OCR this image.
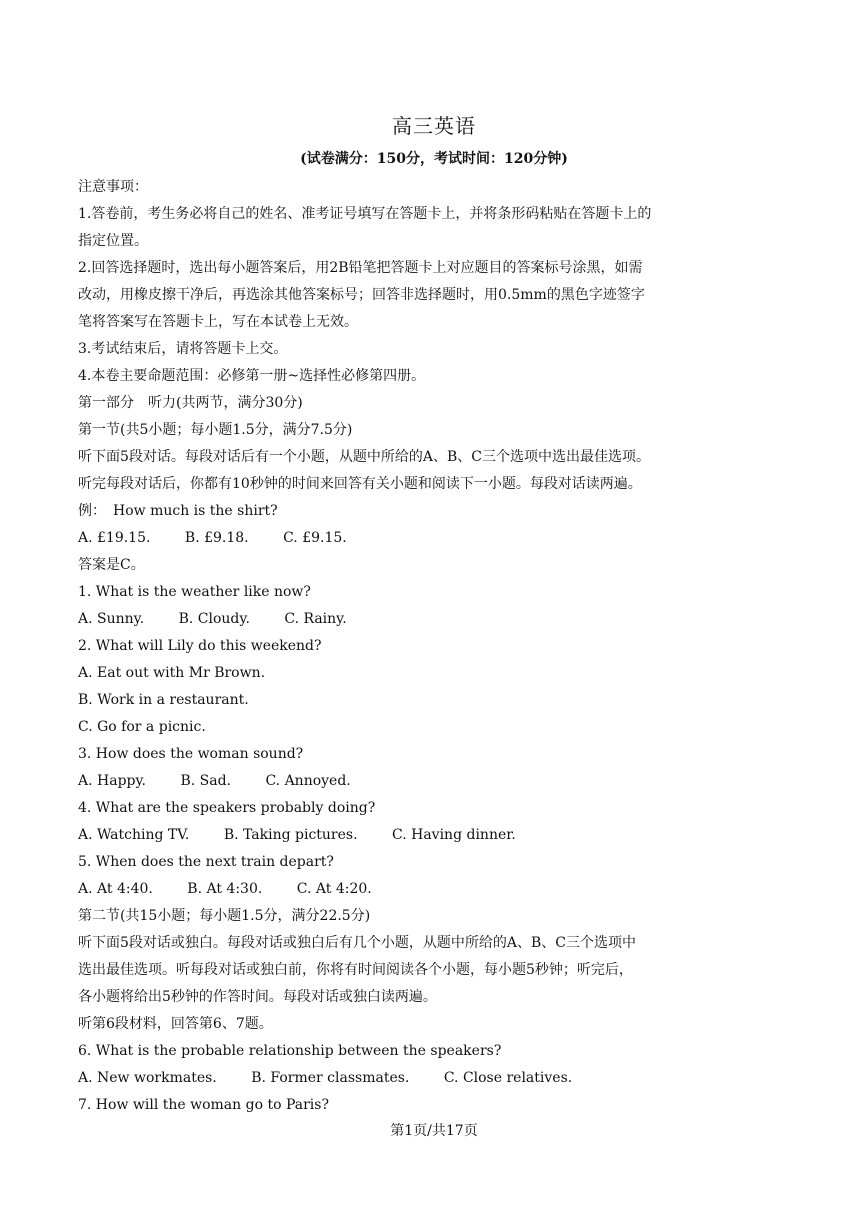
高三英语
(试卷满分：150分，考试时间：120分钟)
注意事项：
1.答卷前，考生务必将自己的姓名、准考证号填写在答题卡上，并将条形码粘贴在答题卡上的
指定位置。
2.回答选择题时，选出每小题答案后，用2B铅笔把答题卡上对应题目的答案标号涂黑，如需
改动，用橡皮擦干净后，再选涂其他答案标号；回答非选择题时，用0.5mm的黑色字迹签字
笔将答案写在答题卡上，写在本试卷上无效。
3.考试结束后，请将答题卡上交。
4.本卷主要命题范围：必修第一册~选择性必修第四册。
第一部分　听力(共两节，满分30分)
第一节(共5小题；每小题1.5分，满分7.5分)
听下面5段对话。每段对话后有一个小题，从题中所给的A、B、C三个选项中选出最佳选项。
听完每段对话后，你都有10秒钟的时间来回答有关小题和阅读下一小题。每段对话读两遍。
例：　How much is the shirt?
A. £19.15. B. £9.18. C. £9.15.
答案是C。
1. What is the weather like now?
A. Sunny. B. Cloudy. C. Rainy.
2. What will Lily do this weekend?
A. Eat out with Mr Brown.
B. Work in a restaurant.
C. Go for a picnic.
3. How does the woman sound?
A. Happy. B. Sad. C. Annoyed.
4. What are the speakers probably doing?
A. Watching TV. B. Taking pictures. C. Having dinner.
5. When does the next train depart?
A. At 4:40. B. At 4:30. C. At 4:20.
第二节(共15小题；每小题1.5分，满分22.5分)
听下面5段对话或独白。每段对话或独白后有几个小题，从题中所给的A、B、C三个选项中
选出最佳选项。听每段对话或独白前，你将有时间阅读各个小题，每小题5秒钟；听完后，
各小题将给出5秒钟的作答时间。每段对话或独白读两遍。
听第6段材料，回答第6、7题。
6. What is the probable relationship between the speakers?
A. New workmates. B. Former classmates. C. Close relatives.
7. How will the woman go to Paris?
第1页/共17页
